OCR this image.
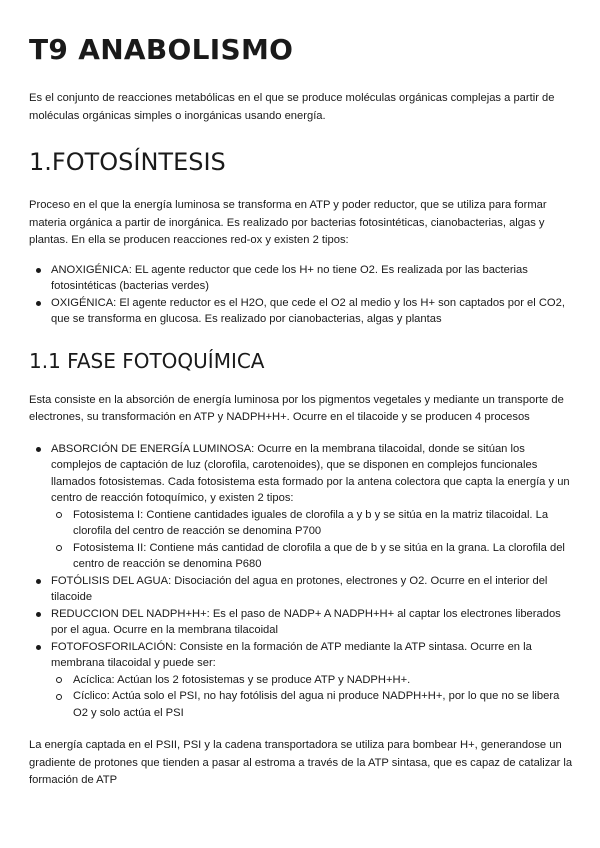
T9 ANABOLISMO

Es el conjunto de reacciones metabólicas en el que se produce moléculas orgánicas complejas a partir de moléculas orgánicas simples o inorgánicas usando energía.

1.FOTOSÍNTESIS

Proceso en el que la energía luminosa se transforma en ATP y poder reductor, que se utiliza para formar materia orgánica a partir de inorgánica. Es realizado por bacterias fotosintéticas, cianobacterias, algas y plantas. En ella se producen reacciones red-ox y existen 2 tipos:

ANOXIGÉNICA: EL agente reductor que cede los H+ no tiene O2. Es realizada por las bacterias fotosintéticas (bacterias verdes)
OXIGÉNICA: El agente reductor es el H2O, que cede el O2 al medio y los H+ son captados por el CO2, que se transforma en glucosa. Es realizado por cianobacterias, algas y plantas
1.1 FASE FOTOQUÍMICA

Esta consiste en la absorción de energía luminosa por los pigmentos vegetales y mediante un transporte de electrones, su transformación en ATP y NADPH+H+. Ocurre en el tilacoide y se producen 4 procesos

ABSORCIÓN DE ENERGÍA LUMINOSA: Ocurre en la membrana tilacoidal, donde se sitúan los complejos de captación de luz (clorofila, carotenoides), que se disponen en complejos funcionales llamados fotosistemas. Cada fotosistema esta formado por la antena colectora que capta la energía y un centro de reacción fotoquímico, y existen 2 tipos:
Fotosistema I: Contiene cantidades iguales de clorofila a y b y se sitúa en la matriz tilacoidal. La clorofila del centro de reacción se denomina P700
Fotosistema II: Contiene más cantidad de clorofila a que de b y se sitúa en la grana. La clorofila del centro de reacción se denomina P680
FOTÓLISIS DEL AGUA: Disociación del agua en protones, electrones y O2. Ocurre en el interior del tilacoide
REDUCCION DEL NADPH+H+: Es el paso de NADP+ A NADPH+H+ al captar los electrones liberados por el agua. Ocurre en la membrana tilacoidal
FOTOFOSFORILACIÓN: Consiste en la formación de ATP mediante la ATP sintasa. Ocurre en la membrana tilacoidal y puede ser:
Acíclica: Actúan los 2 fotosistemas y se produce ATP y NADPH+H+.
Cíclico: Actúa solo el PSI, no hay fotólisis del agua ni produce NADPH+H+, por lo que no se libera O2 y solo actúa el PSI

La energía captada en el PSII, PSI y la cadena transportadora se utiliza para bombear H+, generandose un gradiente de protones que tienden a pasar al estroma a través de la ATP sintasa, que es capaz de catalizar la formación de ATP
